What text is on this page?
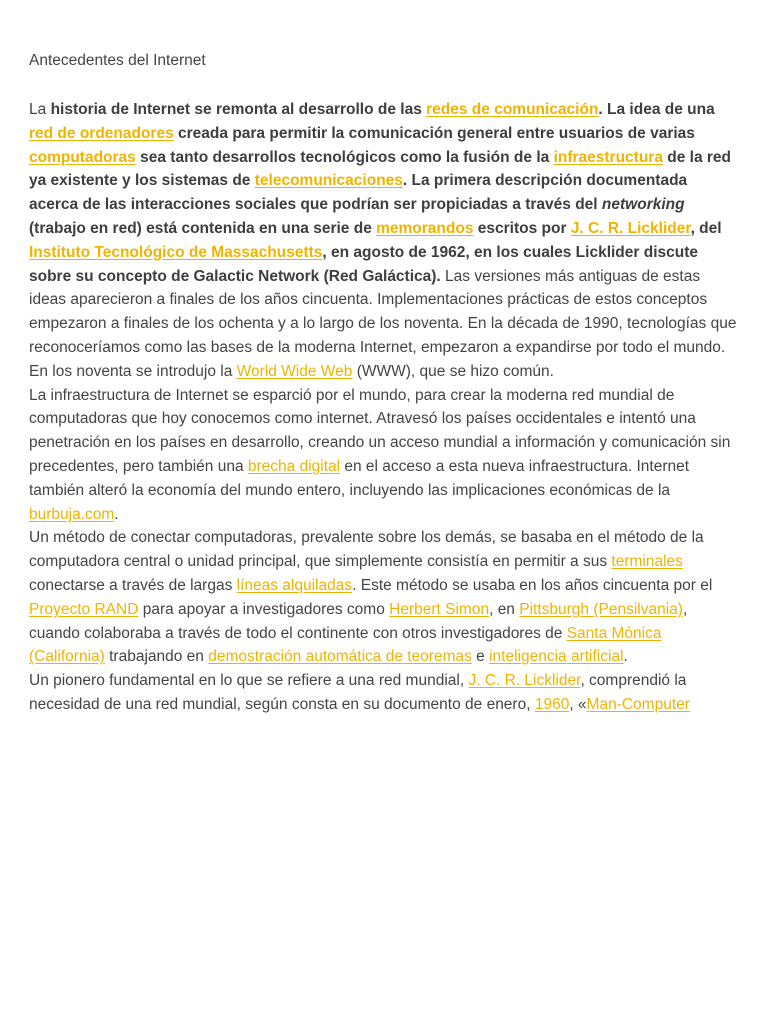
Antecedentes del Internet

La historia de Internet se remonta al desarrollo de las redes de comunicación. La idea de una red de ordenadores creada para permitir la comunicación general entre usuarios de varias computadoras sea tanto desarrollos tecnológicos como la fusión de la infraestructura de la red ya existente y los sistemas de telecomunicaciones. La primera descripción documentada acerca de las interacciones sociales que podrían ser propiciadas a través del networking (trabajo en red) está contenida en una serie de memorandos escritos por J. C. R. Licklider, del Instituto Tecnológico de Massachusetts, en agosto de 1962, en los cuales Licklider discute sobre su concepto de Galactic Network (Red Galáctica). Las versiones más antiguas de estas ideas aparecieron a finales de los años cincuenta. Implementaciones prácticas de estos conceptos empezaron a finales de los ochenta y a lo largo de los noventa. En la década de 1990, tecnologías que reconoceríamos como las bases de la moderna Internet, empezaron a expandirse por todo el mundo. En los noventa se introdujo la World Wide Web (WWW), que se hizo común.

La infraestructura de Internet se esparció por el mundo, para crear la moderna red mundial de computadoras que hoy conocemos como internet. Atravesó los países occidentales e intentó una penetración en los países en desarrollo, creando un acceso mundial a información y comunicación sin precedentes, pero también una brecha digital en el acceso a esta nueva infraestructura. Internet también alteró la economía del mundo entero, incluyendo las implicaciones económicas de la burbuja.com.

Un método de conectar computadoras, prevalente sobre los demás, se basaba en el método de la computadora central o unidad principal, que simplemente consistía en permitir a sus terminales conectarse a través de largas líneas alquiladas. Este método se usaba en los años cincuenta por el Proyecto RAND para apoyar a investigadores como Herbert Simon, en Pittsburgh (Pensilvania), cuando colaboraba a través de todo el continente con otros investigadores de Santa Mónica (California) trabajando en demostración automática de teoremas e inteligencia artificial.

Un pionero fundamental en lo que se refiere a una red mundial, J. C. R. Licklider, comprendió la necesidad de una red mundial, según consta en su documento de enero, 1960, «Man-Computer
